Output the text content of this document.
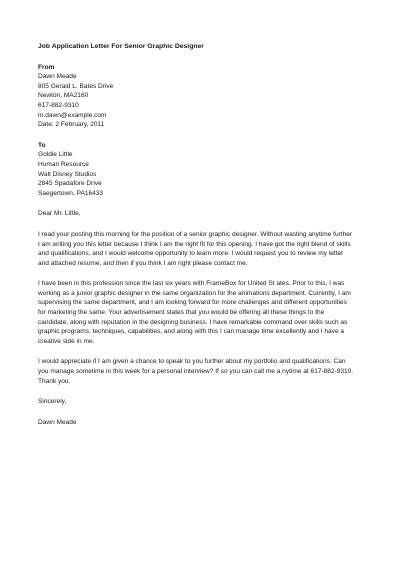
Job Application Letter For Senior Graphic Designer
From
Dawn Meade
805 Gerald L. Bates Drive
Newton, MA2160
617-882-9310
m.dawn@example.com
Date: 2 February, 2011
To
Goldie Little
Human Resource
Walt Disney Studios
2845 Spadafore Drive
Saegertown, PA16433
Dear Mr. Little,
I read your posting this morning for the position of a senior graphic designer. Without wasting anytime further
I am writing you this letter because I think I am the right fit for this opening. I have got the right blend of skills
and qualifications, and I would welcome opportunity to learn more. I would request you to review my letter
and attached resume, and then if you think I am right please contact me.
I have been in this profession since the last six years with FrameBox for United St ates. Prior to this, I was
working as a junior graphic designer in the same organization for the animations department. Currently, I am
supervising the same department, and I am looking forward for more challenges and different opportunities
for marketing the same. Your advertisement states that you would be offering all these things to the
candidate, along with reputation in the designing business. I have remarkable command over skills such as
graphic programs, techniques, capabilities, and along with this I can manage time excellently and I have a
creative side in me.
I would appreciate if I am given a chance to speak to you further about my portfolio and qualifications. Can
you manage sometime in this week for a personal interview? If so you can call me a nytime at 617-882-9310.
Thank you.
Sincerely,
Dawn Meade
